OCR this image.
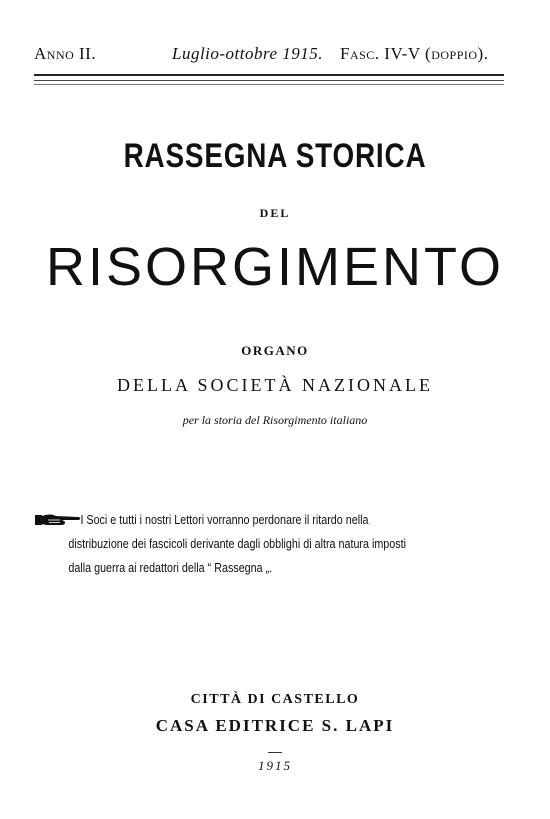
Anno II.	Luglio-ottobre 1915. Fasc. IV-V (doppio).
RASSEGNA STORICA
DEL
RISORGIMENTO
ORGANO
DELLA SOCIETÀ NAZIONALE
per la storia del Risorgimento italiano
I Soci e tutti i nostri Lettori vorranno perdonare il ritardo nella
distribuzione dei fascicoli derivante dagli obblighi di altra natura imposti
dalla guerra ai redattori della “ Rassegna „.
CITTÀ DI CASTELLO
CASA EDITRICE S. LAPI
1915
